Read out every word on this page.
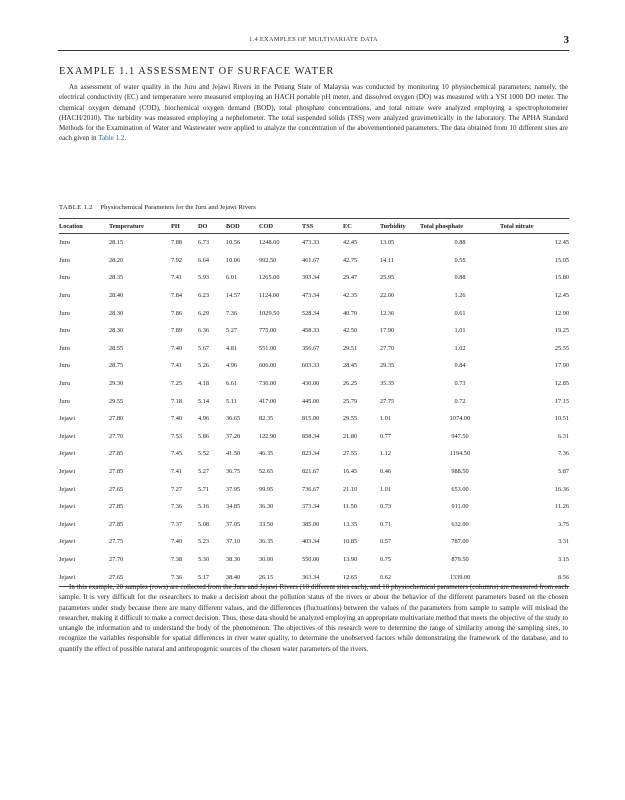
1.4 EXAMPLES OF MULTIVARIATE DATA	3
EXAMPLE 1.1 ASSESSMENT OF SURFACE WATER

An assessment of water quality in the Juru and Jejawi Rivers in the Penang State of Malaysia was conducted by monitoring 10 physiochemical parameters; namely, the electrical conductivity (EC) and temperature were measured employing an HACH portable pH meter, and dissolved oxygen (DO) was measured with a YSI 1000 DO meter. The chemical oxygen demand (COD), biochemical oxygen demand (BOD), total phosphate concentrations, and total nitrate were analyzed employing a spectrophotometer (HACH/2010). The turbidity was measured employing a nephelometer. The total suspended solids (TSS) were analyzed gravimetrically in the laboratory. The APHA Standard Methods for the Examination of Water and Wastewater were applied to analyze the concentration of the abovementioned parameters. The data obtained from 10 different sites are each given in Table 1.2.

TABLE 1.2 Physiochemical Parameters for the Juru and Jejawi Rivers
Location	Temperature	PH	DO	BOD	COD	TSS	EC	Turbidity	Total phosphate	Total nitrate
Juru	28.15	7.88	6.73	10.56	1248.00	473.33	42.45	13.05	0.88	12.45
Juru	28.20	7.92	6.64	10.06	992.50	461.67	42.75	14.11	0.55	15.05
Juru	28.35	7.41	5.93	6.01	1265.00	393.34	29.47	25.95	0.88	15.80
Juru	28.40	7.84	6.23	14.57	1124.00	473.34	42.35	22.00	1.26	12.45
Juru	28.30	7.86	6.29	7.36	1029.50	528.34	40.70	12.36	0.61	12.90
Juru	28.30	7.89	6.36	5.27	775.00	458.33	42.50	17.90	1.01	19.25
Juru	28.55	7.40	5.67	4.81	551.00	356.67	29.51	27.70	1.02	25.55
Juru	28.75	7.41	5.26	4.96	606.00	603.33	28.45	29.35	0.84	17.90
Juru	29.30	7.25	4.18	6.61	730.00	430.00	26.25	35.35	0.73	12.85
Juru	29.55	7.18	5.14	5.11	417.00	445.00	25.79	27.75	0.72	17.15
Jejawi	27.80	7.40	4.96	36.65	82.35	815.00	29.55	1.01	1074.00	10.51
Jejawi	27.70	7.53	5.86	37.20	122.90	858.34	21.80	0.77	947.50	6.31
Jejawi	27.85	7.45	5.52	41.50	46.35	823.34	27.55	1.12	1194.50	7.36
Jejawi	27.85	7.41	5.27	36.75	52.65	821.67	16.45	0.46	988.50	5.87
Jejawi	27.65	7.27	5.71	37.95	99.95	736.67	21.10	1.01	653.00	16.36
Jejawi	27.85	7.36	5.16	34.85	36.30	373.34	11.50	0.73	911.00	11.26
Jejawi	27.85	7.37	5.08	37.05	33.50	385.00	13.35	0.71	632.00	3.75
Jejawi	27.75	7.40	5.23	37.10	36.35	403.34	10.85	0.57	787.00	3.31
Jejawi	27.70	7.38	5.30	38.30	30.00	550.00	13.90	0.75	879.50	3.15
Jejawi	27.65	7.36	5.17	38.40	26.15	363.34	12.65	0.62	1339.00	8.56

In this example, 20 samples (rows) are collected from the Juru and Jejawi Rivers (10 different sites each), and 10 physiochemical parameters (columns) are measured from each sample. It is very difficult for the researchers to make a decision about the pollution status of the rivers or about the behavior of the different parameters based on the chosen parameters under study because there are many different values, and the differences (fluctuations) between the values of the parameters from sample to sample will mislead the researcher, making it difficult to make a correct decision. Thus, these data should be analyzed employing an appropriate multivariate method that meets the objective of the study to untangle the information and to understand the body of the phenomenon. The objectives of this research were to determine the range of similarity among the sampling sites, to recognize the variables responsible for spatial differences in river water quality, to determine the unobserved factors while demonstrating the framework of the database, and to quantify the effect of possible natural and anthropogenic sources of the chosen water parameters of the rivers.
